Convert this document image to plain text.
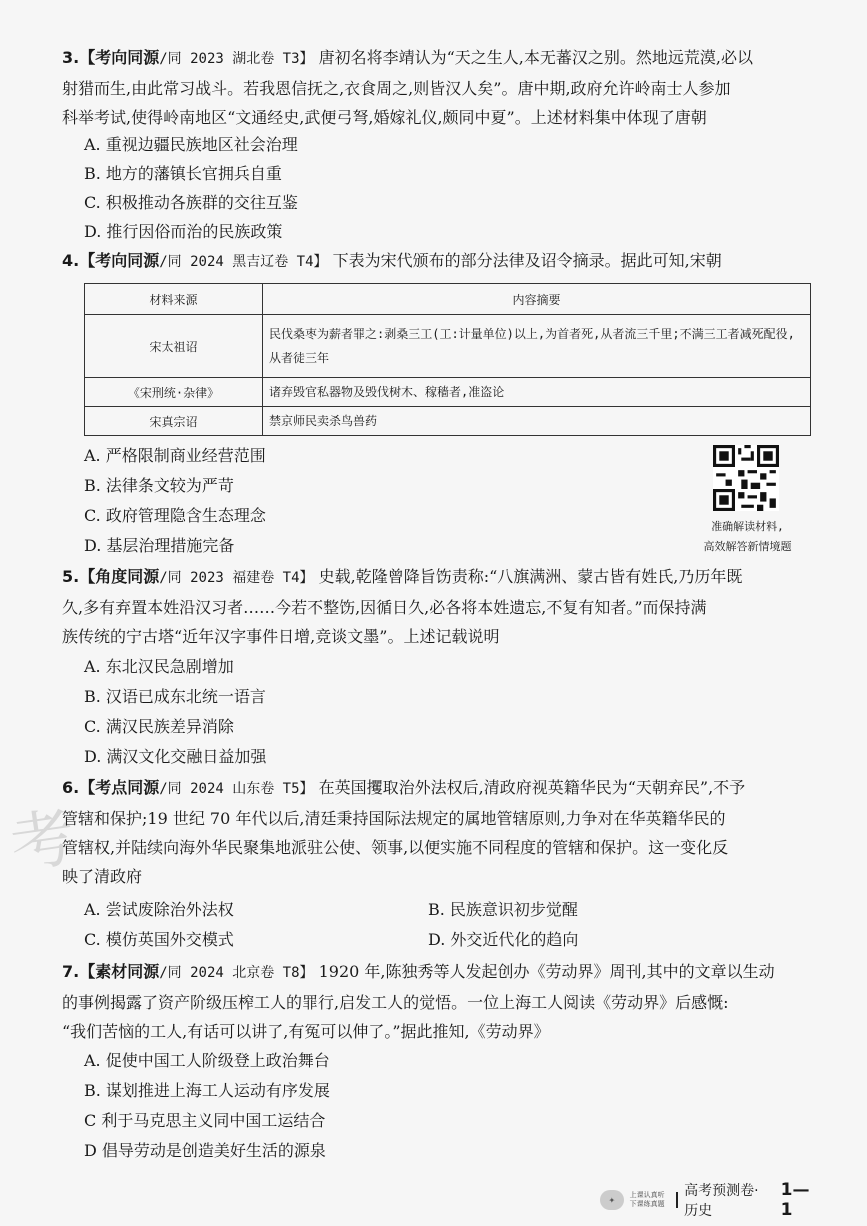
考
3.【考向同源/同 2023 湖北卷 T3】 唐初名将李靖认为“天之生人,本无蕃汉之别。然地远荒漠,必以
射猎而生,由此常习战斗。若我恩信抚之,衣食周之,则皆汉人矣”。唐中期,政府允许岭南士人参加
科举考试,使得岭南地区“文通经史,武便弓弩,婚嫁礼仪,颇同中夏”。上述材料集中体现了唐朝
A. 重视边疆民族地区社会治理
B. 地方的藩镇长官拥兵自重
C. 积极推动各族群的交往互鉴
D. 推行因俗而治的民族政策
4.【考向同源/同 2024 黑吉辽卷 T4】 下表为宋代颁布的部分法律及诏令摘录。据此可知,宋朝
材料来源	内容摘要
宋太祖诏	民伐桑枣为薪者罪之:剥桑三工(工:计量单位)以上,为首者死,从者流三千里;不满三工者减死配役,从者徒三年
《宋刑统·杂律》	诸弃毁官私器物及毁伐树木、稼穑者,准盗论
宋真宗诏	禁京师民卖杀鸟兽药
A. 严格限制商业经营范围
B. 法律条文较为严苛
C. 政府管理隐含生态理念
D. 基层治理措施完备
准确解读材料,
高效解答新情境题
5.【角度同源/同 2023 福建卷 T4】 史载,乾隆曾降旨饬责称:“八旗满洲、蒙古皆有姓氏,乃历年既
久,多有弃置本姓沿汉习者……今若不整饬,因循日久,必各将本姓遗忘,不复有知者。”而保持满
族传统的宁古塔“近年汉字事件日增,竞谈文墨”。上述记载说明
A. 东北汉民急剧增加
B. 汉语已成东北统一语言
C. 满汉民族差异消除
D. 满汉文化交融日益加强
6.【考点同源/同 2024 山东卷 T5】 在英国攫取治外法权后,清政府视英籍华民为“天朝弃民”,不予
管辖和保护;19 世纪 70 年代以后,清廷秉持国际法规定的属地管辖原则,力争对在华英籍华民的
管辖权,并陆续向海外华民聚集地派驻公使、领事,以便实施不同程度的管辖和保护。这一变化反
映了清政府
A. 尝试废除治外法权	B. 民族意识初步觉醒
C. 模仿英国外交模式	D. 外交近代化的趋向
7.【素材同源/同 2024 北京卷 T8】 1920 年,陈独秀等人发起创办《劳动界》周刊,其中的文章以生动
的事例揭露了资产阶级压榨工人的罪行,启发工人的觉悟。一位上海工人阅读《劳动界》后感慨:
“我们苦恼的工人,有话可以讲了,有冤可以伸了。”据此推知,《劳动界》
A. 促使中国工人阶级登上政治舞台
B. 谋划推进上海工人运动有序发展
C 利于马克思主义同中国工运结合
D 倡导劳动是创造美好生活的源泉
✦
上课认真听 下课练真题
高考预测卷·历史
1—1
